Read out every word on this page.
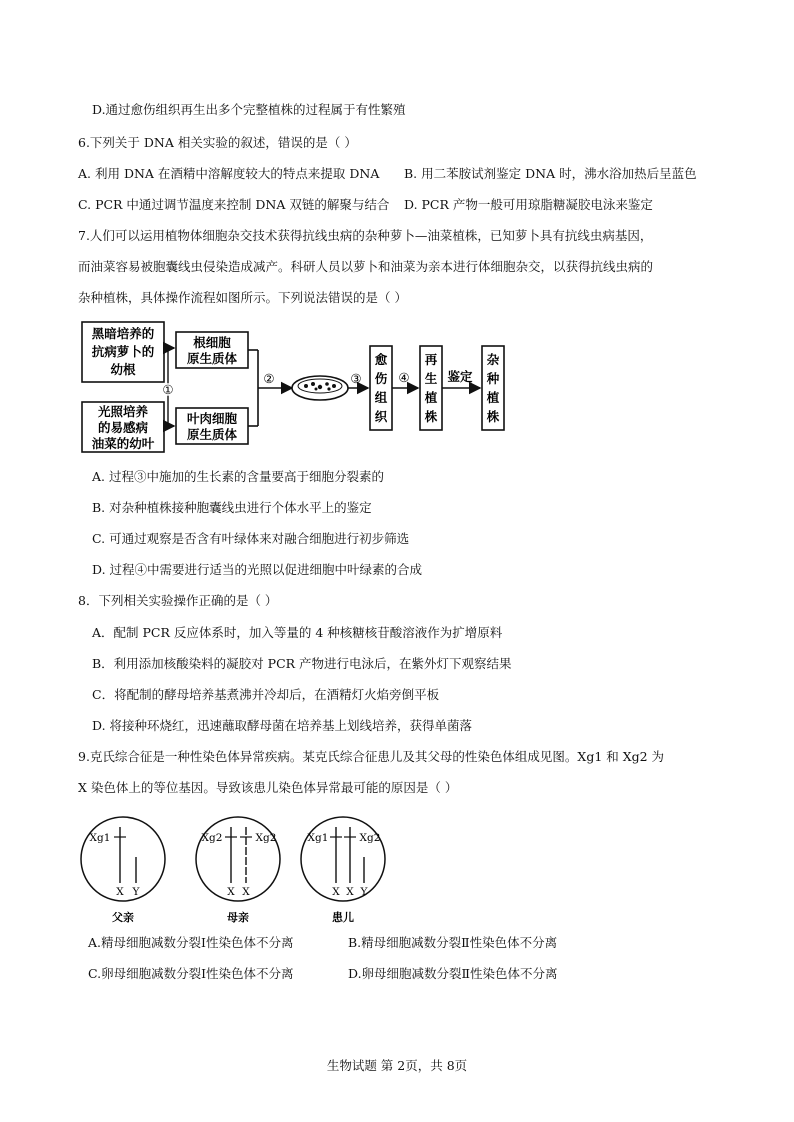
D.通过愈伤组织再生出多个完整植株的过程属于有性繁殖
6.下列关于 DNA 相关实验的叙述，错误的是（ ）
A. 利用 DNA 在酒精中溶解度较大的特点来提取 DNA B. 用二苯胺试剂鉴定 DNA 时，沸水浴加热后呈蓝色
C. PCR 中通过调节温度来控制 DNA 双链的解聚与结合 D. PCR 产物一般可用琼脂糖凝胶电泳来鉴定
7.人们可以运用植物体细胞杂交技术获得抗线虫病的杂种萝卜—油菜植株，已知萝卜具有抗线虫病基因，
而油菜容易被胞囊线虫侵染造成减产。科研人员以萝卜和油菜为亲本进行体细胞杂交，以获得抗线虫病的
杂种植株，具体操作流程如图所示。下列说法错误的是（ ）
黑暗培养的
抗病萝卜的
幼根
光照培养
的易感病
油菜的幼叶
①
根细胞
原生质体
叶肉细胞
原生质体
②	③
愈
伤
组
织
④
再
生
植
株
鉴定
杂
种
植
株
A. 过程③中施加的生长素的含量要高于细胞分裂素的
B. 对杂种植株接种胞囊线虫进行个体水平上的鉴定
C. 可通过观察是否含有叶绿体来对融合细胞进行初步筛选
D. 过程④中需要进行适当的光照以促进细胞中叶绿素的合成
8．下列相关实验操作正确的是（ ）
A．配制 PCR 反应体系时，加入等量的 4 种核糖核苷酸溶液作为扩增原料
B．利用添加核酸染料的凝胶对 PCR 产物进行电泳后，在紫外灯下观察结果
C．将配制的酵母培养基煮沸并冷却后，在酒精灯火焰旁倒平板
D. 将接种环烧红，迅速蘸取酵母菌在培养基上划线培养，获得单菌落
9.克氏综合征是一种性染色体异常疾病。某克氏综合征患儿及其父母的性染色体组成见图。Xg1 和 Xg2 为
X 染色体上的等位基因。导致该患儿染色体异常最可能的原因是（ ）
Xg1
X Y
父亲
Xg2	Xg2
X X
母亲
Xg1	Xg2
X X Y
患儿
A.精母细胞减数分裂Ⅰ性染色体不分离	B.精母细胞减数分裂Ⅱ性染色体不分离
C.卵母细胞减数分裂Ⅰ性染色体不分离	D.卵母细胞减数分裂Ⅱ性染色体不分离
生物试题 第 2页，共 8页
